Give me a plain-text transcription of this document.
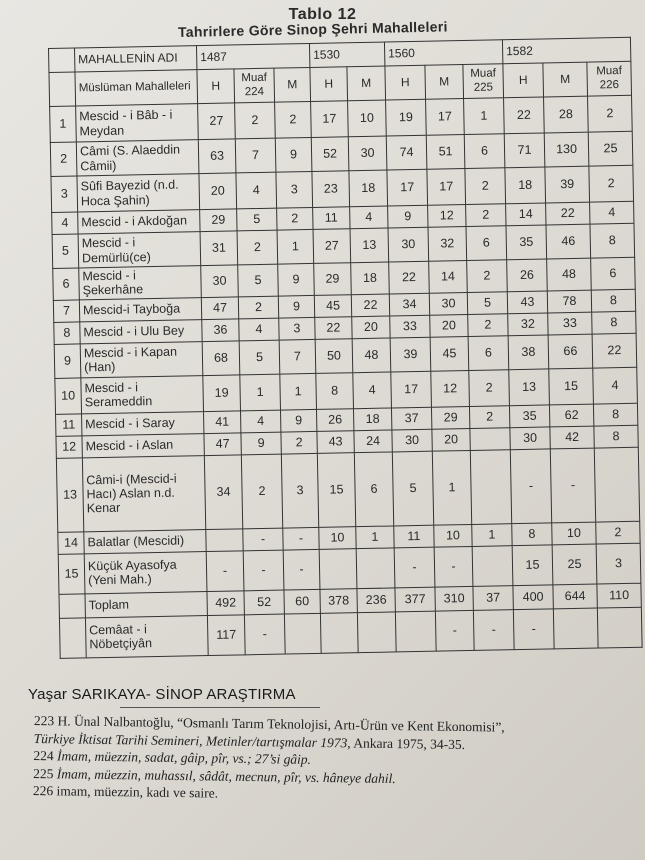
Tablo 12
Tahrirlere Göre Sinop Şehri Mahalleleri
	MAHALLENİN ADI	1487			1530		1560			1582		
	Müslüman Mahalleleri	H	Muaf 224	M	H	M	H	M	Muaf 225	H	M	Muaf 226
1	Mescid - i Bâb - i Meydan	27	2	2	17	10	19	17	1	22	28	2
2	Câmi (S. Alaeddin Câmii)	63	7	9	52	30	74	51	6	71	130	25
3	Sûfi Bayezid (n.d. Hoca Şahin)	20	4	3	23	18	17	17	2	18	39	2
4	Mescid - i Akdoğan	29	5	2	11	4	9	12	2	14	22	4
5	Mescid - i Demürlü(ce)	31	2	1	27	13	30	32	6	35	46	8
6	Mescid - i Şekerhâne	30	5	9	29	18	22	14	2	26	48	6
7	Mescid-i Tayboğa	47	2	9	45	22	34	30	5	43	78	8
8	Mescid - i Ulu Bey	36	4	3	22	20	33	20	2	32	33	8
9	Mescid - i Kapan (Han)	68	5	7	50	48	39	45	6	38	66	22
10	Mescid - i Serameddin	19	1	1	8	4	17	12	2	13	15	4
11	Mescid - i Saray	41	4	9	26	18	37	29	2	35	62	8
12	Mescid - i Aslan	47	9	2	43	24	30	20		30	42	8
13	Câmi-i (Mescid-i Hacı) Aslan n.d. Kenar	34	2	3	15	6	5	1		-	-	
14	Balatlar (Mescidi)		-	-	10	1	11	10	1	8	10	2
15	Küçük Ayasofya (Yeni Mah.)	-	-	-			-	-		15	25	3
	Toplam	492	52	60	378	236	377	310	37	400	644	110
	Cemâat - i Nöbetçiyân	117	-					-	-	-		
Yaşar SARIKAYA- SİNOP ARAŞTIRMA
223 H. Ünal Nalbantoğlu, “Osmanlı Tarım Teknolojisi, Artı-Ürün ve Kent Ekonomisi”,
Türkiye İktisat Tarihi Semineri, Metinler/tartışmalar 1973, Ankara 1975, 34-35.
224 İmam, müezzin, sadat, gâip, pîr, vs.; 27’si gâip.
225 İmam, müezzin, muhassıl, sâdât, mecnun, pîr, vs. hâneye dahil.
226 imam, müezzin, kadı ve saire.
